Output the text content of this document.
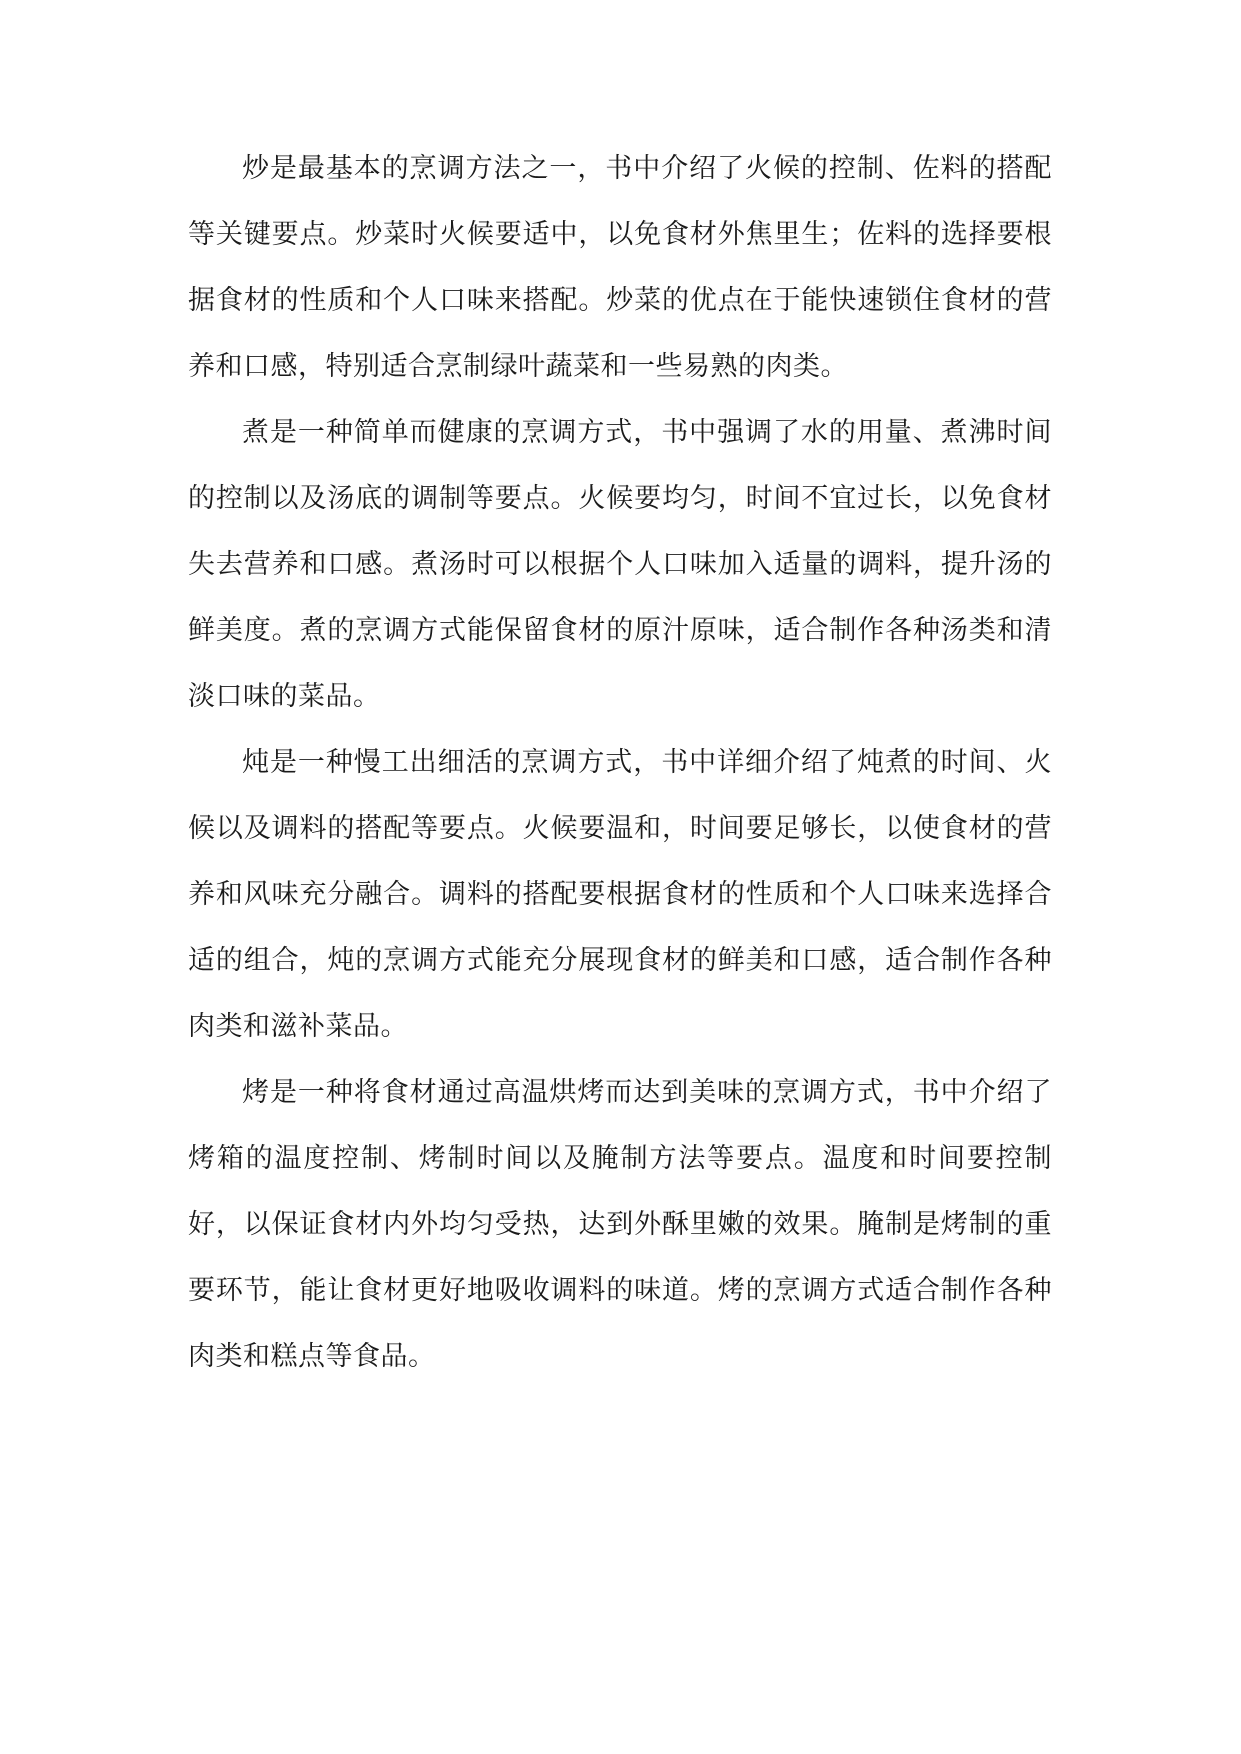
炒是最基本的烹调方法之一，书中介绍了火候的控制、佐料的搭配等关键要点。炒菜时火候要适中，以免食材外焦里生；佐料的选择要根据食材的性质和个人口味来搭配。炒菜的优点在于能快速锁住食材的营养和口感，特别适合烹制绿叶蔬菜和一些易熟的肉类。

煮是一种简单而健康的烹调方式，书中强调了水的用量、煮沸时间的控制以及汤底的调制等要点。火候要均匀，时间不宜过长，以免食材失去营养和口感。煮汤时可以根据个人口味加入适量的调料，提升汤的鲜美度。煮的烹调方式能保留食材的原汁原味，适合制作各种汤类和清淡口味的菜品。

炖是一种慢工出细活的烹调方式，书中详细介绍了炖煮的时间、火候以及调料的搭配等要点。火候要温和，时间要足够长，以使食材的营养和风味充分融合。调料的搭配要根据食材的性质和个人口味来选择合适的组合，炖的烹调方式能充分展现食材的鲜美和口感，适合制作各种肉类和滋补菜品。

烤是一种将食材通过高温烘烤而达到美味的烹调方式，书中介绍了烤箱的温度控制、烤制时间以及腌制方法等要点。温度和时间要控制好，以保证食材内外均匀受热，达到外酥里嫩的效果。腌制是烤制的重要环节，能让食材更好地吸收调料的味道。烤的烹调方式适合制作各种肉类和糕点等食品。
